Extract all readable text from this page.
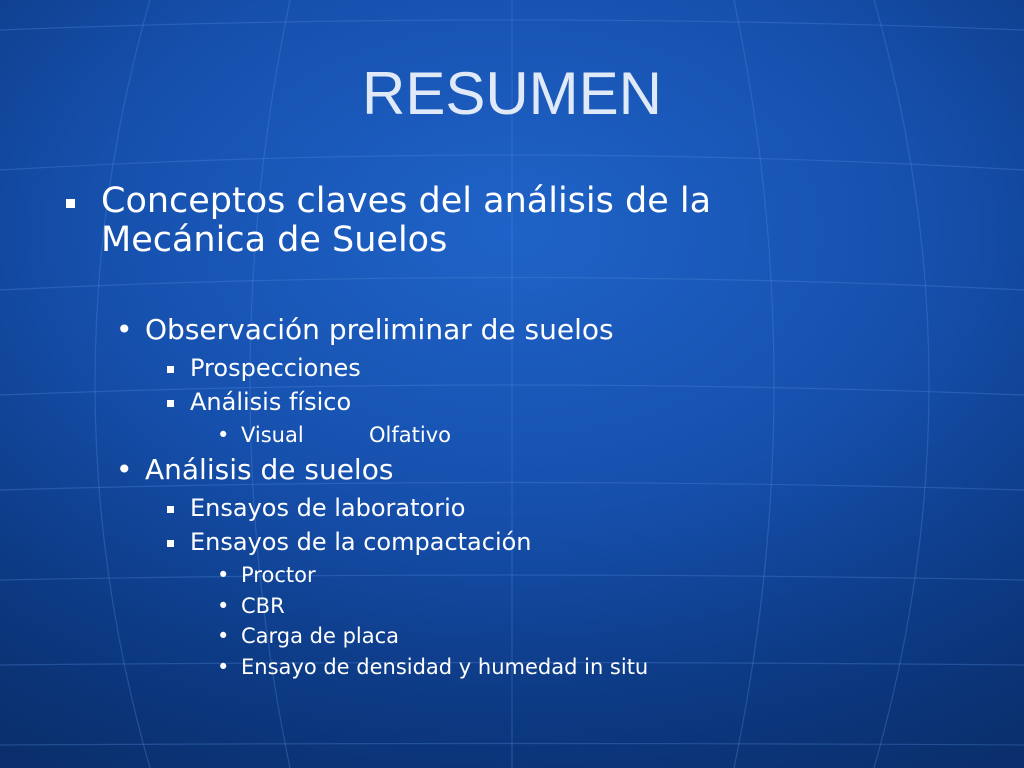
RESUMEN
Conceptos claves del análisis de la
Mecánica de Suelos
• Observación preliminar de suelos
Prospecciones
Análisis físico
• Visual	Olfativo
• Análisis de suelos
Ensayos de laboratorio
Ensayos de la compactación
• Proctor
• CBR
• Carga de placa
• Ensayo de densidad y humedad in situ
